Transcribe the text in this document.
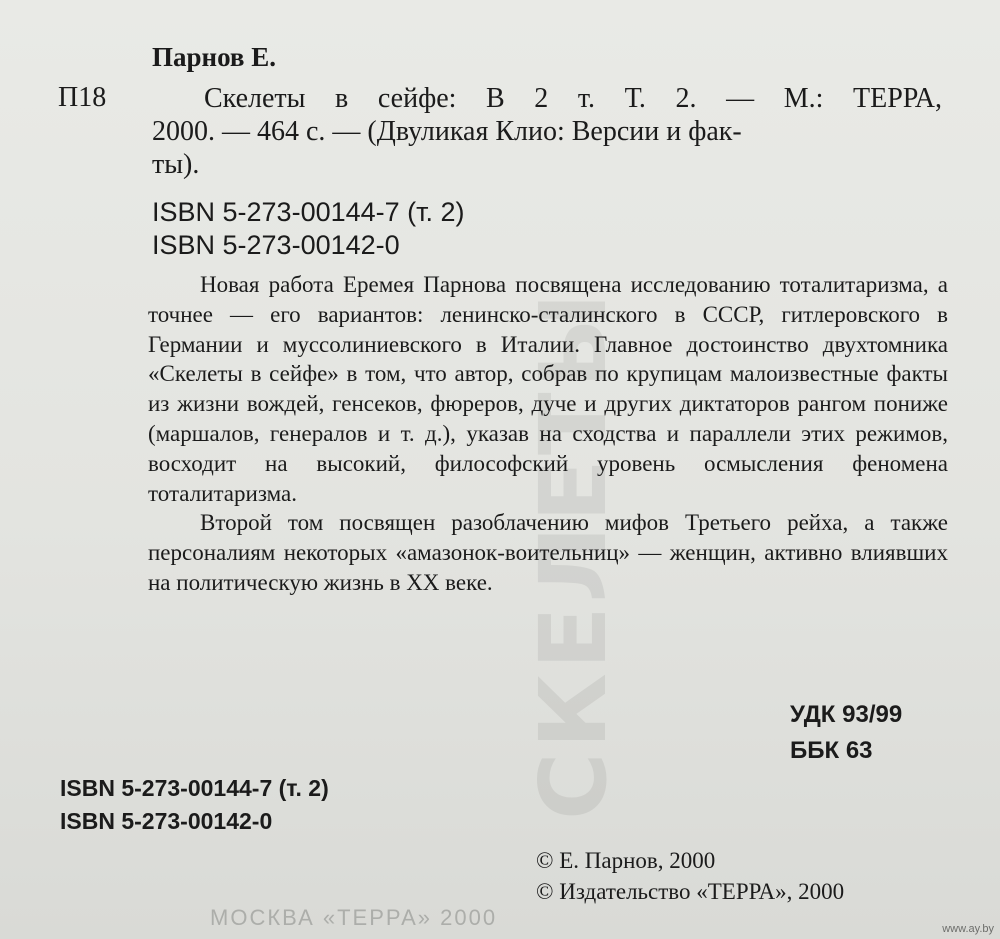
СКЕЛЕТЫ
МОСКВА «ТЕРРА» 2000
Парнов Е.
П18	Скелеты в сейфе: В 2 т. Т. 2. — М.: ТЕРРА,
2000. — 464 с. — (Двуликая Клио: Версии и фак-
ты).
ISBN 5-273-00144-7 (т. 2)
ISBN 5-273-00142-0

Новая работа Еремея Парнова посвящена исследованию тоталитаризма, а точнее — его вариантов: ленинско-сталинского в СССР, гитлеровского в Германии и муссолиниевского в Италии. Главное достоинство двухтомника «Скелеты в сейфе» в том, что автор, собрав по крупицам малоизвестные факты из жизни вождей, генсеков, фюреров, дуче и других диктаторов рангом пониже (маршалов, генералов и т. д.), указав на сходства и параллели этих режимов, восходит на высокий, философский уровень осмысления феномена тоталитаризма.

Второй том посвящен разоблачению мифов Третьего рейха, а также персоналиям некоторых «амазонок-воительниц» — женщин, активно влиявших на политическую жизнь в XX веке.

УДК 93/99
ББК 63
ISBN 5-273-00144-7 (т. 2)
ISBN 5-273-00142-0
© Е. Парнов, 2000
© Издательство «ТЕРРА», 2000
www.ay.by
